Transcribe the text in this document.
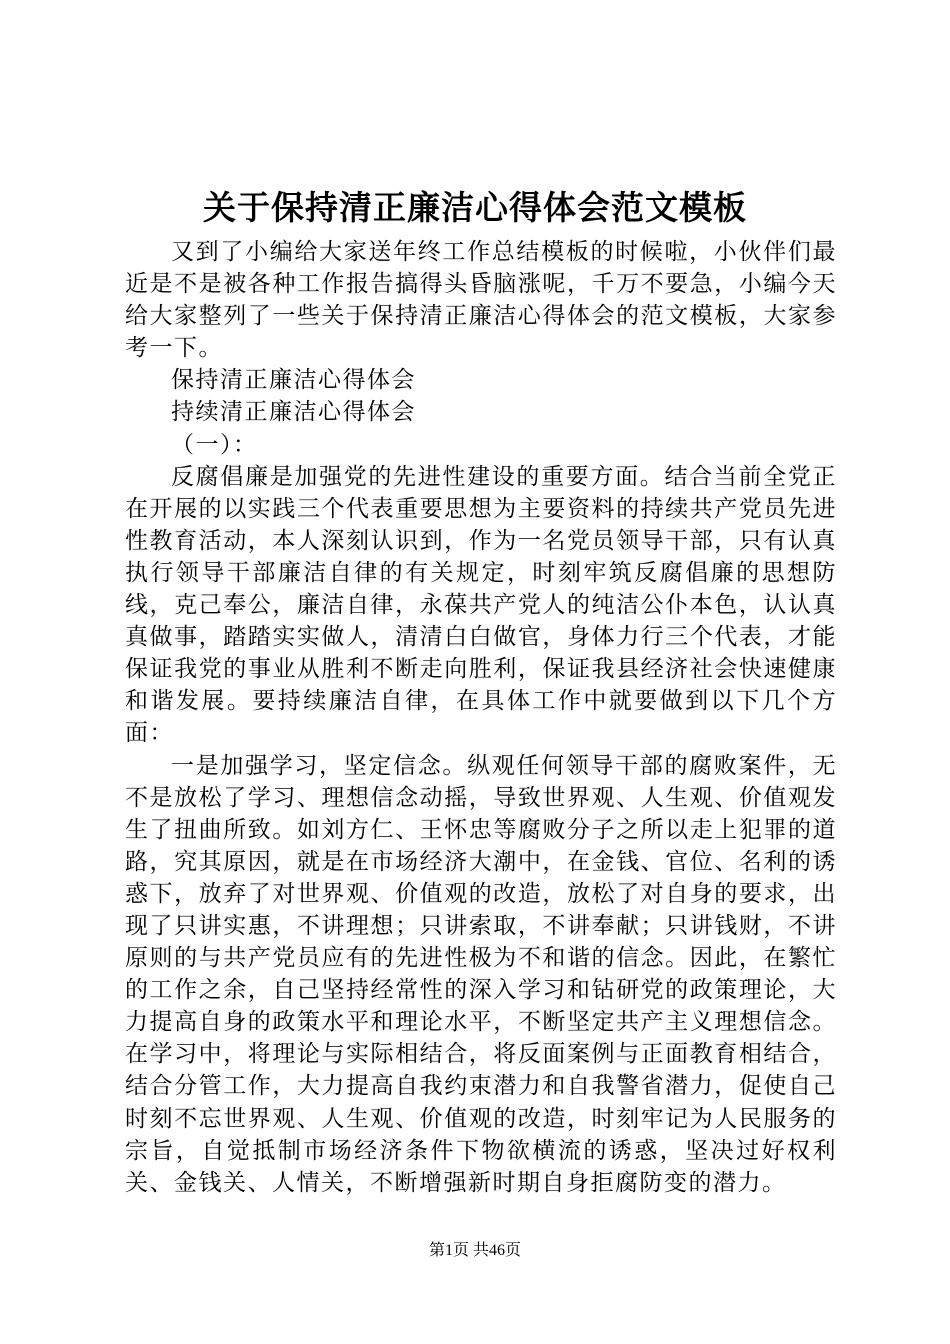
关于保持清正廉洁心得体会范文模板

又到了小编给大家送年终工作总结模板的时候啦，小伙伴们最近是不是被各种工作报告搞得头昏脑涨呢，千万不要急，小编今天给大家整列了一些关于保持清正廉洁心得体会的范文模板，大家参考一下。

保持清正廉洁心得体会

持续清正廉洁心得体会

（一）：

反腐倡廉是加强党的先进性建设的重要方面。结合当前全党正在开展的以实践三个代表重要思想为主要资料的持续共产党员先进性教育活动，本人深刻认识到，作为一名党员领导干部，只有认真执行领导干部廉洁自律的有关规定，时刻牢筑反腐倡廉的思想防线，克己奉公，廉洁自律，永葆共产党人的纯洁公仆本色，认认真真做事，踏踏实实做人，清清白白做官，身体力行三个代表，才能保证我党的事业从胜利不断走向胜利，保证我县经济社会快速健康和谐发展。要持续廉洁自律，在具体工作中就要做到以下几个方面：

一是加强学习，坚定信念。纵观任何领导干部的腐败案件，无不是放松了学习、理想信念动摇，导致世界观、人生观、价值观发生了扭曲所致。如刘方仁、王怀忠等腐败分子之所以走上犯罪的道路，究其原因，就是在市场经济大潮中，在金钱、官位、名利的诱惑下，放弃了对世界观、价值观的改造，放松了对自身的要求，出现了只讲实惠，不讲理想；只讲索取，不讲奉献；只讲钱财，不讲原则的与共产党员应有的先进性极为不和谐的信念。因此，在繁忙的工作之余，自己坚持经常性的深入学习和钻研党的政策理论，大力提高自身的政策水平和理论水平，不断坚定共产主义理想信念。在学习中，将理论与实际相结合，将反面案例与正面教育相结合，结合分管工作，大力提高自我约束潜力和自我警省潜力，促使自己时刻不忘世界观、人生观、价值观的改造，时刻牢记为人民服务的宗旨，自觉抵制市场经济条件下物欲横流的诱惑，坚决过好权利关、金钱关、人情关，不断增强新时期自身拒腐防变的潜力。

第1页 共46页
